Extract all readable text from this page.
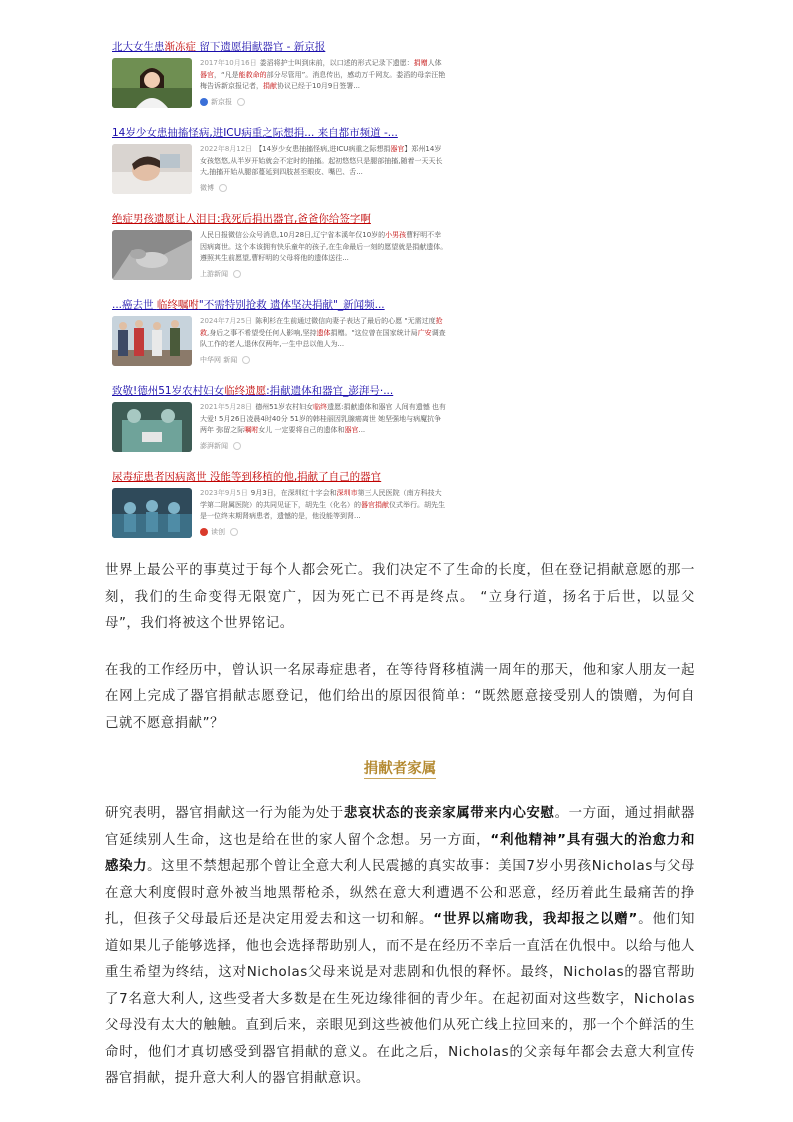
北大女生患渐冻症 留下遗愿捐献器官 - 新京报
2017年10月16日 娄滔将护士叫到床前，以口述的形式记录下遗愿：捐赠人体器官，“凡是能救命的部分尽管用”。消息传出，感动万千网友。娄滔的母亲汪艳梅告诉新京报记者，捐献协议已经于10月9日签署...
新京报
14岁少女患抽搐怪病,进ICU病重之际想捐... 来自都市频道 -...
2022年8月12日 【14岁少女患抽搐怪病,进ICU病重之际想捐器官】郑州14岁女孩悠悠,从半岁开始就会不定时的抽搐。起初悠悠只是腿部抽搐,随着一天天长大,抽搐开始从腿部蔓延到四肢甚至眼皮、嘴巴、舌...
微博
绝症男孩遗愿让人泪目:我死后捐出器官,爸爸你给签字啊
人民日报微信公众号消息,10月28日,辽宁省本溪年仅10岁的小男孩曹籽明不幸因病离世。这个本该拥有快乐童年的孩子,在生命最后一刻的愿望就是捐献遗体。遵照其生前愿望,曹籽明的父母将他的遗体送往...
上游新闻
...癌去世 临终嘱咐"不需特别抢救 遗体坚决捐献"_新闻频...
2024年7月25日 陈利杉在生前通过微信向妻子表达了最后的心愿 "无需过度抢救,身后之事不希望受任何人影响,坚持遗体捐赠。"这位曾在国家统计局广安调查队工作的老人,退休仅两年,一生中总以他人为...
中华网 新闻
致敬!德州51岁农村妇女临终遗愿:捐献遗体和器官_澎湃号·...
2021年5月28日 德州51岁农村妇女临终遗愿:捐献遗体和器官 人间有遗憾 也有大爱! 5月26日凌晨4时40分 51岁的韩桂丽因乳腺癌离世 她坚强地与病魔抗争两年 弥留之际嘱咐女儿 一定要将自己的遗体和器官...
澎湃新闻
尿毒症患者因病离世 没能等到移植的他,捐献了自己的器官
2023年9月5日 9月3日，在深圳红十字会和深圳市第三人民医院（南方科技大学第二附属医院）的共同见证下，胡先生（化名）的器官捐献仪式举行。胡先生是一位终末期肾病患者，遗憾的是，他没能等到肾...
读创

世界上最公平的事莫过于每个人都会死亡。我们决定不了生命的长度，但在登记捐献意愿的那一刻，我们的生命变得无限宽广，因为死亡已不再是终点。 “立身行道，扬名于后世，以显父母”，我们将被这个世界铭记。

在我的工作经历中，曾认识一名尿毒症患者，在等待肾移植满一周年的那天，他和家人朋友一起在网上完成了器官捐献志愿登记，他们给出的原因很简单：“既然愿意接受别人的馈赠，为何自己就不愿意捐献”？

捐献者家属

研究表明，器官捐献这一行为能为处于悲哀状态的丧亲家属带来内心安慰。一方面，通过捐献器官延续别人生命，这也是给在世的家人留个念想。另一方面，“利他精神”具有强大的治愈力和感染力。这里不禁想起那个曾让全意大利人民震撼的真实故事：美国7岁小男孩Nicholas与父母在意大利度假时意外被当地黑帮枪杀，纵然在意大利遭遇不公和恶意，经历着此生最痛苦的挣扎，但孩子父母最后还是决定用爱去和这一切和解。“世界以痛吻我，我却报之以赠”。他们知道如果儿子能够选择，他也会选择帮助别人，而不是在经历不幸后一直活在仇恨中。以给与他人重生希望为终结，这对Nicholas父母来说是对悲剧和仇恨的释怀。最终，Nicholas的器官帮助了7名意大利人, 这些受者大多数是在生死边缘徘徊的青少年。在起初面对这些数字，Nicholas父母没有太大的触触。直到后来，亲眼见到这些被他们从死亡线上拉回来的，那一个个鲜活的生命时，他们才真切感受到器官捐献的意义。在此之后，Nicholas的父亲每年都会去意大利宣传器官捐献，提升意大利人的器官捐献意识。
